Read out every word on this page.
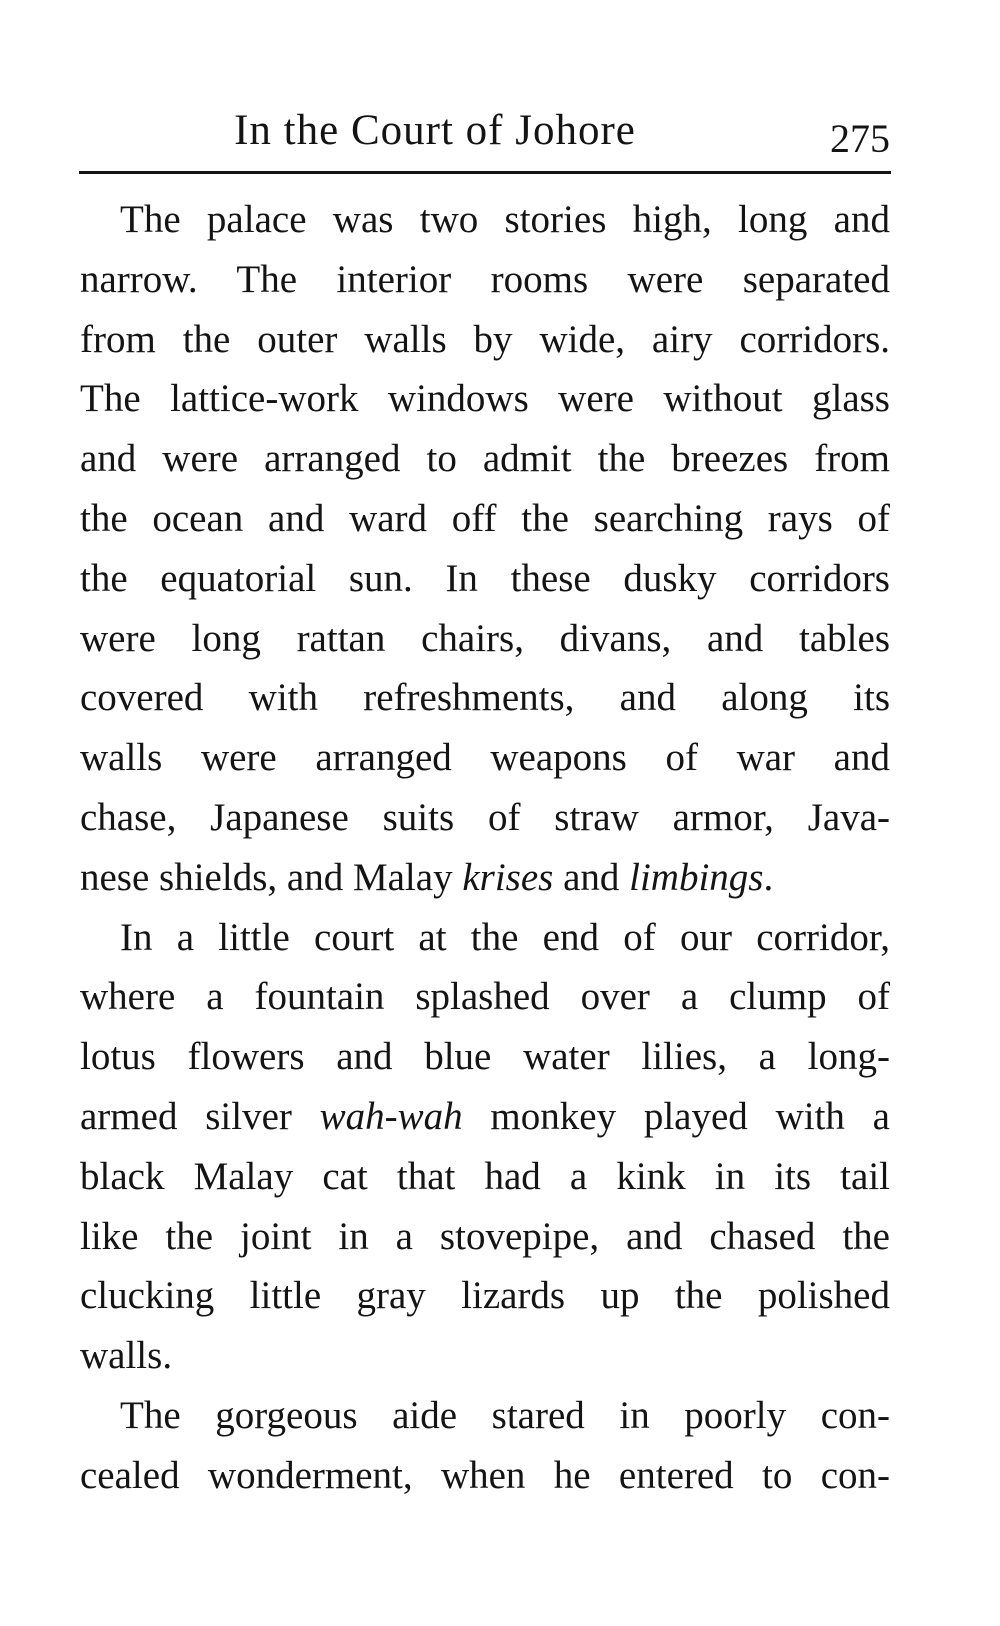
In the Court of Johore	275
The palace was two stories high, long and
narrow. The interior rooms were separated
from the outer walls by wide, airy corridors.
The lattice-work windows were without glass
and were arranged to admit the breezes from
the ocean and ward off the searching rays of
the equatorial sun. In these dusky corridors
were long rattan chairs, divans, and tables
covered with refreshments, and along its
walls were arranged weapons of war and
chase, Japanese suits of straw armor, Java-
nese shields, and Malay krises and limbings.
In a little court at the end of our corridor,
where a fountain splashed over a clump of
lotus flowers and blue water lilies, a long-
armed silver wah-wah monkey played with a
black Malay cat that had a kink in its tail
like the joint in a stovepipe, and chased the
clucking little gray lizards up the polished
walls.
The gorgeous aide stared in poorly con-
cealed wonderment, when he entered to con-
